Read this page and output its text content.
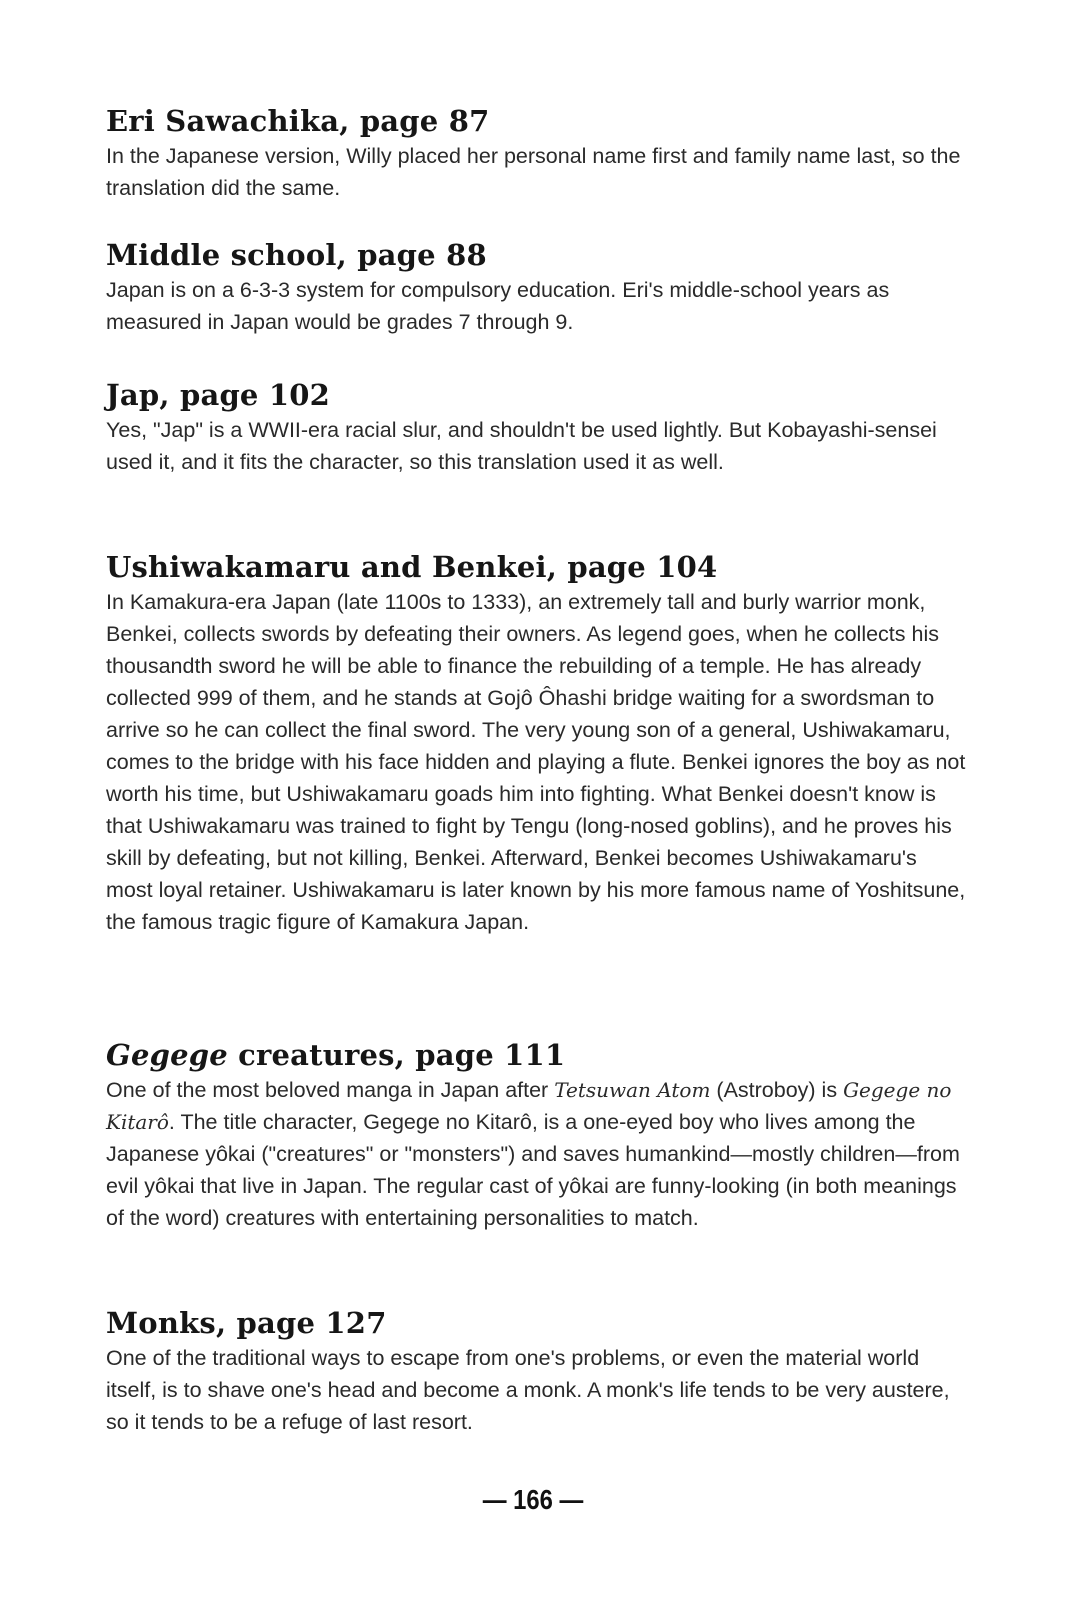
Eri Sawachika, page 87

In the Japanese version, Willy placed her personal name first and family name last, so the translation did the same.

Middle school, page 88

Japan is on a 6-3-3 system for compulsory education. Eri's middle-school years as measured in Japan would be grades 7 through 9.

Jap, page 102

Yes, "Jap" is a WWII-era racial slur, and shouldn't be used lightly. But Kobayashi-sensei used it, and it fits the character, so this translation used it as well.

Ushiwakamaru and Benkei, page 104

In Kamakura-era Japan (late 1100s to 1333), an extremely tall and burly warrior monk, Benkei, collects swords by defeating their owners. As legend goes, when he collects his thousandth sword he will be able to finance the rebuilding of a temple. He has already collected 999 of them, and he stands at Gojô Ôhashi bridge waiting for a swordsman to arrive so he can collect the final sword. The very young son of a general, Ushiwakamaru, comes to the bridge with his face hidden and playing a flute. Benkei ignores the boy as not worth his time, but Ushiwakamaru goads him into fighting. What Benkei doesn't know is that Ushiwakamaru was trained to fight by Tengu (long-nosed goblins), and he proves his skill by defeating, but not killing, Benkei. Afterward, Benkei becomes Ushiwakamaru's most loyal retainer. Ushiwakamaru is later known by his more famous name of Yoshitsune, the famous tragic figure of Kamakura Japan.

Gegege creatures, page 111

One of the most beloved manga in Japan after Tetsuwan Atom (Astroboy) is Gegege no Kitarô. The title character, Gegege no Kitarô, is a one-eyed boy who lives among the Japanese yôkai ("creatures" or "monsters") and saves humankind—mostly children—from evil yôkai that live in Japan. The regular cast of yôkai are funny-looking (in both meanings of the word) creatures with entertaining personalities to match.

Monks, page 127

One of the traditional ways to escape from one's problems, or even the material world itself, is to shave one's head and become a monk. A monk's life tends to be very austere, so it tends to be a refuge of last resort.

— 166 —
